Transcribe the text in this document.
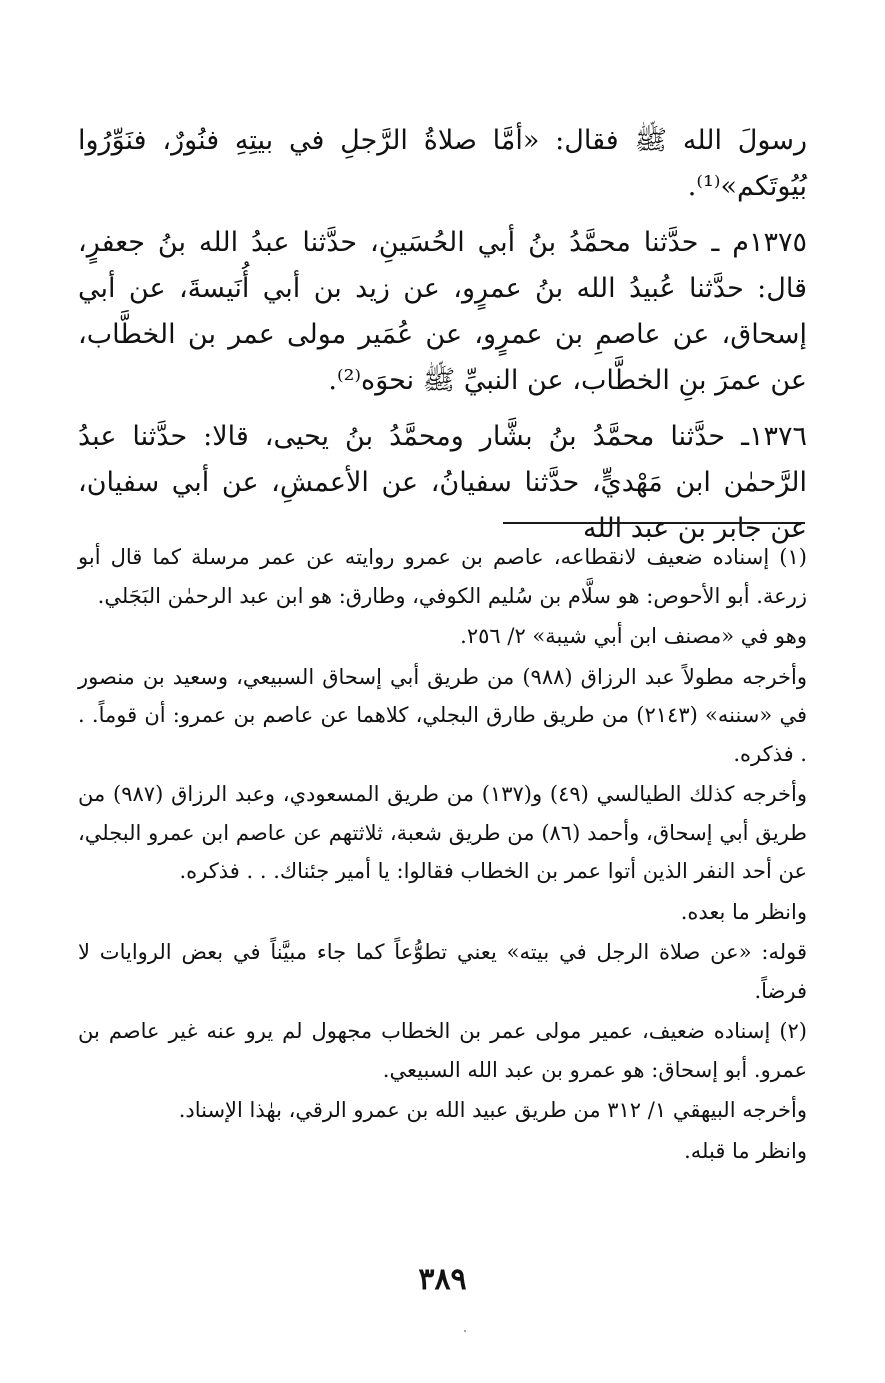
رسولَ الله ﷺ فقال: «أمَّا صلاةُ الرَّجلِ في بيتِهِ فنُورٌ، فنَوِّرُوا بُيُوتَكم»⁽¹⁾.

١٣٧٥م ـ حدَّثنا محمَّدُ بنُ أبي الحُسَينِ، حدَّثنا عبدُ الله بنُ جعفرٍ، قال: حدَّثنا عُبيدُ الله بنُ عمرٍو، عن زيد بن أبي أُنَيسةَ، عن أبي إسحاق، عن عاصمِ بن عمرٍو، عن عُمَير مولى عمر بن الخطَّاب، عن عمرَ بنِ الخطَّاب، عن النبيِّ ﷺ نحوَه⁽²⁾.

١٣٧٦ـ حدَّثنا محمَّدُ بنُ بشَّار ومحمَّدُ بنُ يحيى، قالا: حدَّثنا عبدُ الرَّحمٰن ابن مَهْديٍّ، حدَّثنا سفيانُ، عن الأعمشِ، عن أبي سفيان، عن جابر بن عبد الله

(١) إسناده ضعيف لانقطاعه، عاصم بن عمرو روايته عن عمر مرسلة كما قال أبو زرعة. أبو الأحوص: هو سلَّام بن سُليم الكوفي، وطارق: هو ابن عبد الرحمٰن البَجَلي.

وهو في «مصنف ابن أبي شيبة» ٢/ ٢٥٦.

وأخرجه مطولاً عبد الرزاق (٩٨٨) من طريق أبي إسحاق السبيعي، وسعيد بن منصور في «سننه» (٢١٤٣) من طريق طارق البجلي، كلاهما عن عاصم بن عمرو: أن قوماً. . . فذكره.

وأخرجه كذلك الطيالسي (٤٩) و(١٣٧) من طريق المسعودي، وعبد الرزاق (٩٨٧) من طريق أبي إسحاق، وأحمد (٨٦) من طريق شعبة، ثلاثتهم عن عاصم ابن عمرو البجلي، عن أحد النفر الذين أتوا عمر بن الخطاب فقالوا: يا أمير جئناك. . . فذكره.

وانظر ما بعده.

قوله: «عن صلاة الرجل في بيته» يعني تطوُّعاً كما جاء مبيَّناً في بعض الروايات لا فرضاً.

(٢) إسناده ضعيف، عمير مولى عمر بن الخطاب مجهول لم يرو عنه غير عاصم بن عمرو. أبو إسحاق: هو عمرو بن عبد الله السبيعي.

وأخرجه البيهقي ١/ ٣١٢ من طريق عبيد الله بن عمرو الرقي، بهٰذا الإسناد.

وانظر ما قبله.

٣٨٩
